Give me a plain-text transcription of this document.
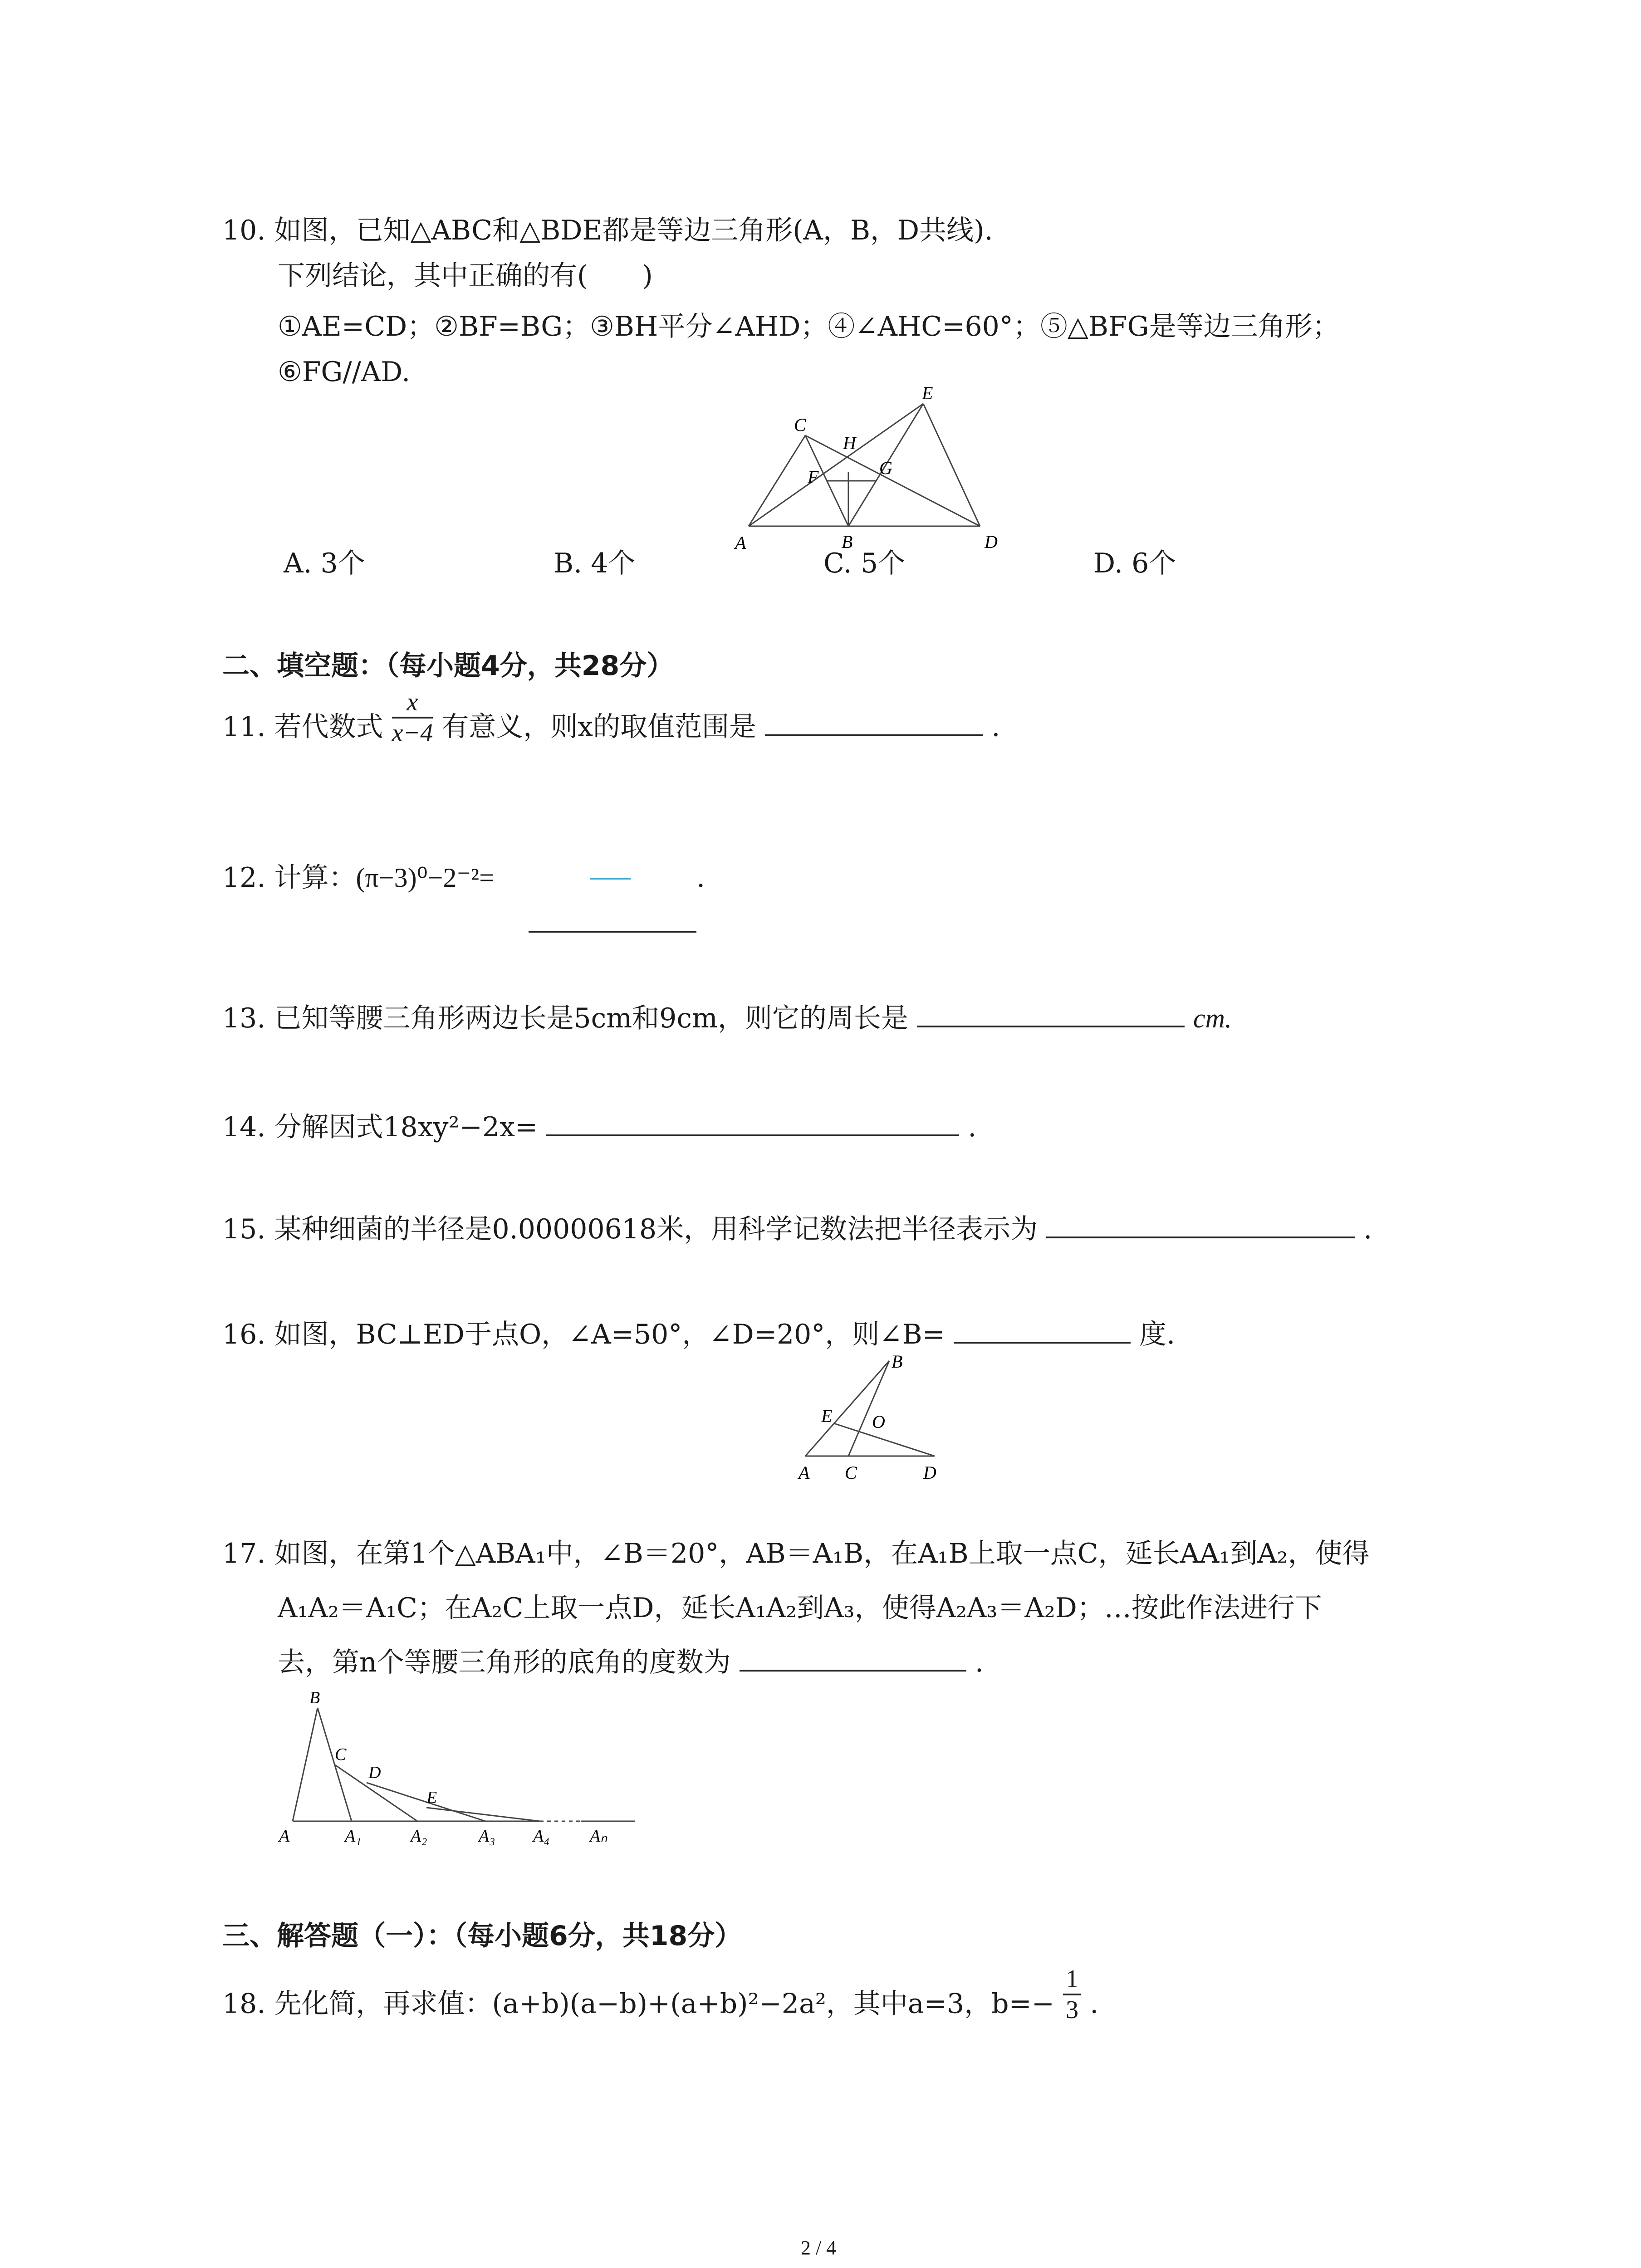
10. 如图，已知△ABC和△BDE都是等边三角形(A，B，D共线).
下列结论，其中正确的有(　　)
①AE=CD；②BF=BG；③BH平分∠AHD；④∠AHC=60°；⑤△BFG是等边三角形；
⑥FG//AD.
A	B
C
D
E
F	G
H
A. 3个	B. 4个	C. 5个	D. 6个
二、填空题：（每小题4分，共28分）
11. 若代数式 $\frac{x}{x-4}$ 有意义，则x的取值范围是	.
12. 计算：(π−3)⁰−2⁻²=	.
13. 已知等腰三角形两边长是5cm和9cm，则它的周长是	cm.
14. 分解因式18xy²−2x=	.
15. 某种细菌的半径是0.00000618米，用科学记数法把半径表示为	.
16. 如图，BC⊥ED于点O，∠A=50°，∠D=20°，则∠B=	度.
A
B
C	D
E O
17. 如图，在第1个△ABA₁中，∠B＝20°，AB＝A₁B，在A₁B上取一点C，延长AA₁到A₂，使得
A₁A₂＝A₁C；在A₂C上取一点D，延长A₁A₂到A₃，使得A₂A₃＝A₂D；…按此作法进行下
去，第n个等腰三角形的底角的度数为	.
A
B
C
D
E
A₁	A₂	A₃ A₄ Aₙ
三、解答题（一）：（每小题6分，共18分）
18. 先化简，再求值：(a+b)(a−b)+(a+b)²−2a²，其中a=3，$b=- \frac{1}{3}$ .
2 / 4
